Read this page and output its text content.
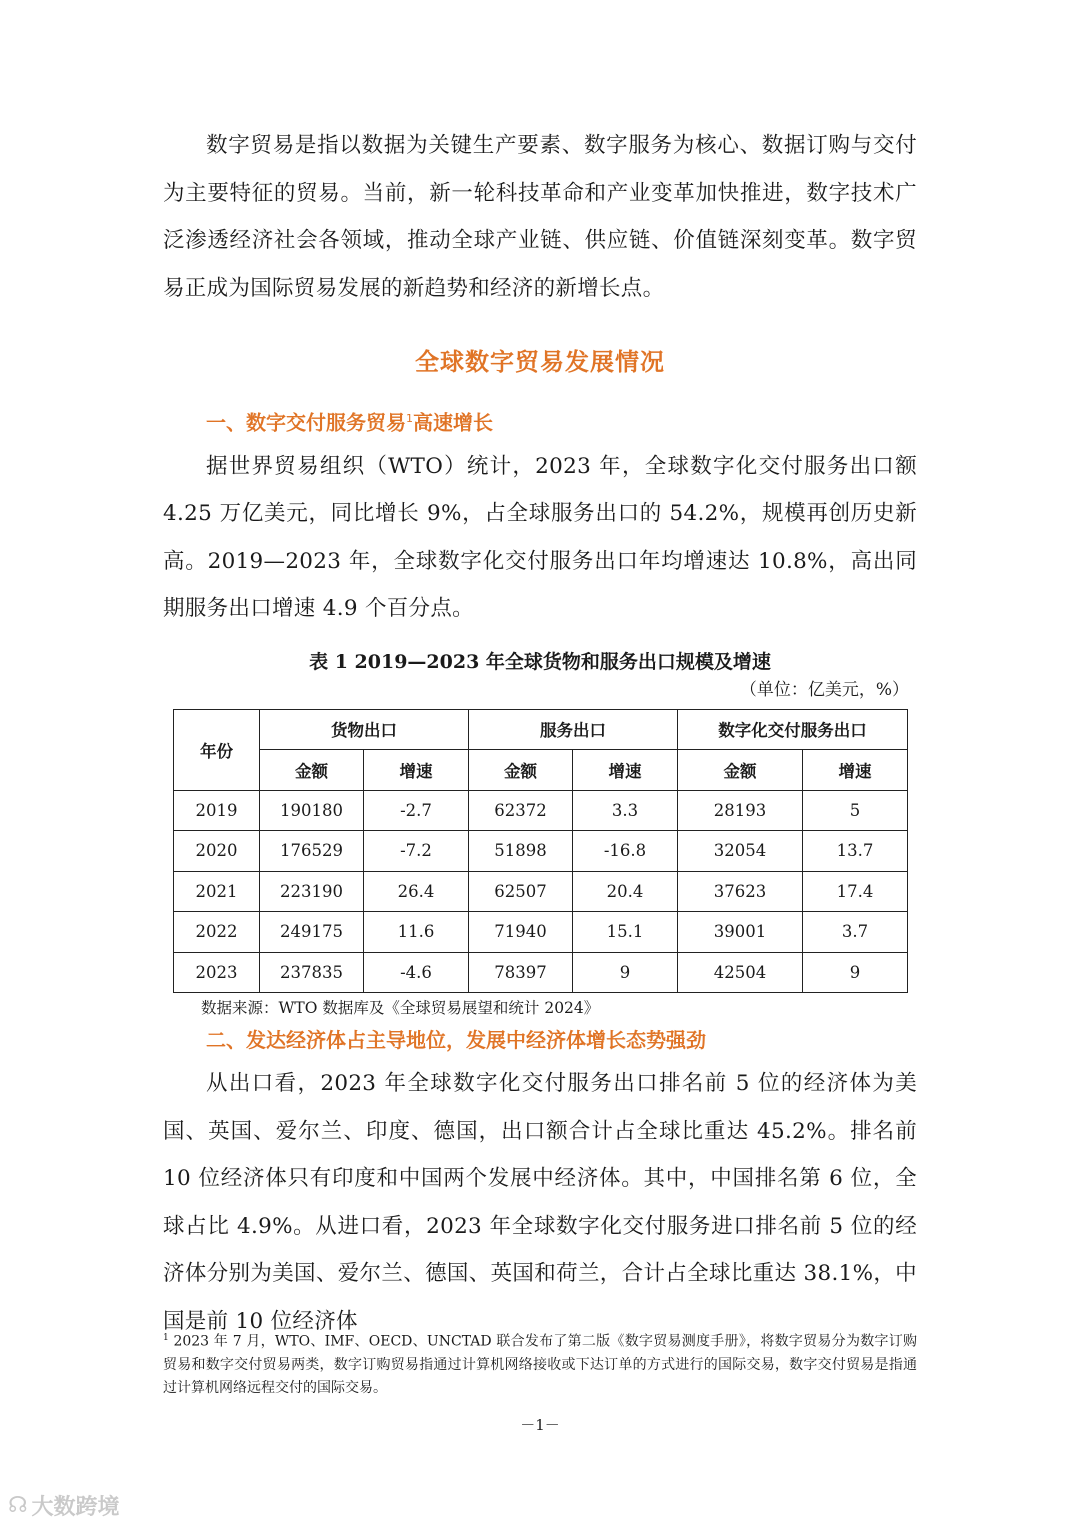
数字贸易是指以数据为关键生产要素、数字服务为核心、数据订购与交付为主要特征的贸易。当前，新一轮科技革命和产业变革加快推进，数字技术广泛渗透经济社会各领域，推动全球产业链、供应链、价值链深刻变革。数字贸易正成为国际贸易发展的新趋势和经济的新增长点。

全球数字贸易发展情况

一、数字交付服务贸易$^1$高速增长

据世界贸易组织（WTO）统计，2023 年，全球数字化交付服务出口额 4.25 万亿美元，同比增长 9%，占全球服务出口的 54.2%，规模再创历史新高。2019—2023 年，全球数字化交付服务出口年均增速达 10.8%，高出同期服务出口增速 4.9 个百分点。

表 1 2019—2023 年全球货物和服务出口规模及增速
（单位：亿美元，%）
年份	货物出口		服务出口		数字化交付服务出口	
	金额	增速	金额	增速	金额	增速
2019	190180	-2.7	62372	3.3	28193	5
2020	176529	-7.2	51898	-16.8	32054	13.7
2021	223190	26.4	62507	20.4	37623	17.4
2022	249175	11.6	71940	15.1	39001	3.7
2023	237835	-4.6	78397	9	42504	9
数据来源：WTO 数据库及《全球贸易展望和统计 2024》

二、发达经济体占主导地位，发展中经济体增长态势强劲

从出口看，2023 年全球数字化交付服务出口排名前 5 位的经济体为美国、英国、爱尔兰、印度、德国，出口额合计占全球比重达 45.2%。排名前 10 位经济体只有印度和中国两个发展中经济体。其中，中国排名第 6 位，全球占比 4.9%。从进口看，2023 年全球数字化交付服务进口排名前 5 位的经济体分别为美国、爱尔兰、德国、英国和荷兰，合计占全球比重达 38.1%，中国是前 10 位经济体

$^1$ 2023 年 7 月，WTO、IMF、OECD、UNCTAD 联合发布了第二版《数字贸易测度手册》，将数字贸易分为数字订购贸易和数字交付贸易两类，数字订购贸易指通过计算机网络接收或下达订单的方式进行的国际交易，数字交付贸易是指通过计算机网络远程交付的国际交易。

－1－
☊ 大数跨境
